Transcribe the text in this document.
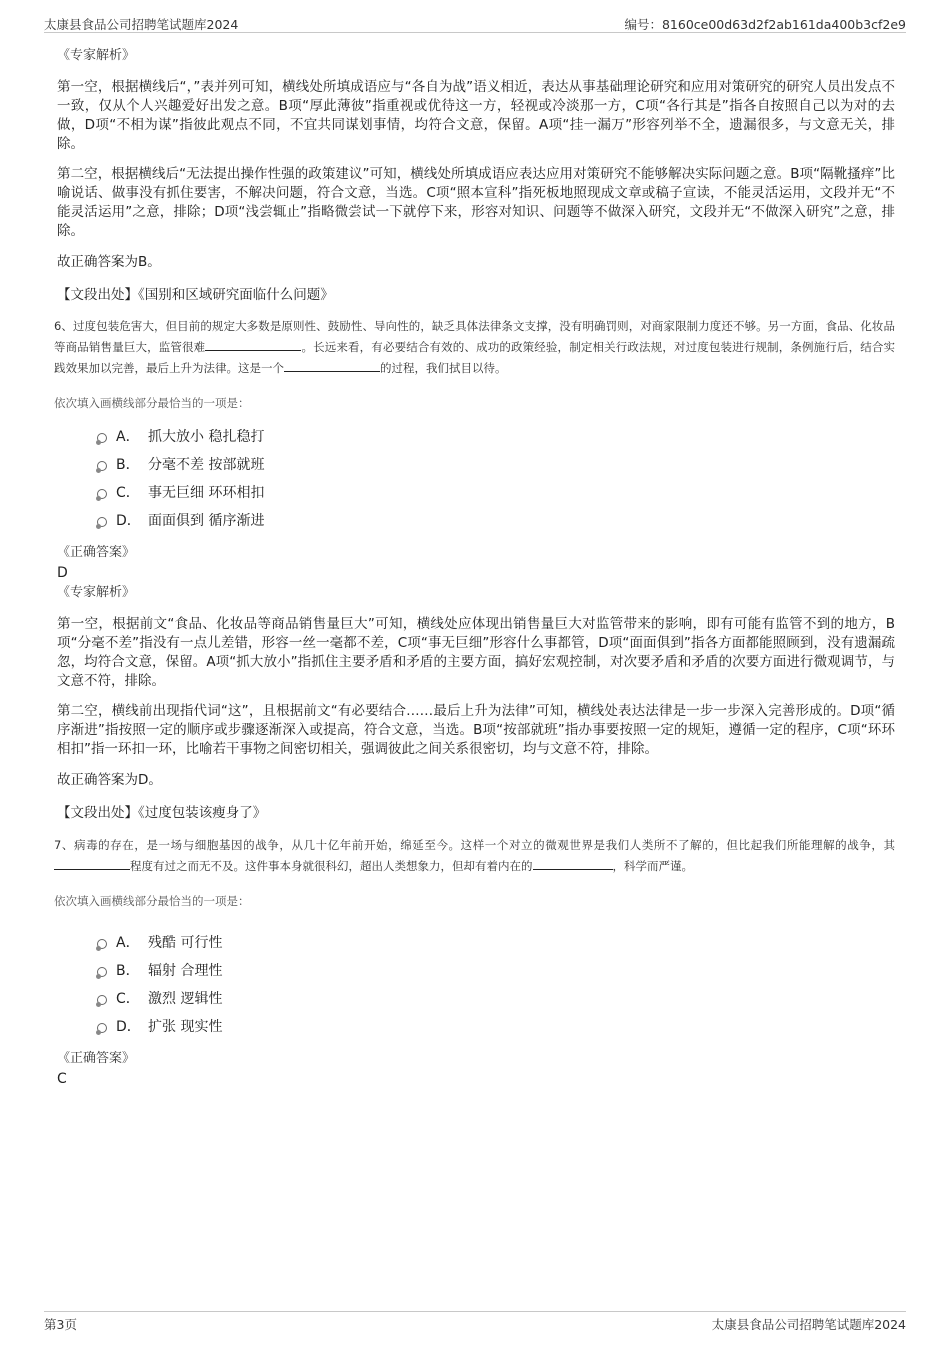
太康县食品公司招聘笔试题库2024	编号：8160ce00d63d2f2ab161da400b3cf2e9
《专家解析》

第一空，根据横线后“，”表并列可知，横线处所填成语应与“各自为战”语义相近，表达从事基础理论研究和应用对策研究的研究人员出发点不一致，仅从个人兴趣爱好出发之意。B项“厚此薄彼”指重视或优待这一方，轻视或冷淡那一方，C项“各行其是”指各自按照自己以为对的去做，D项“不相为谋”指彼此观点不同，不宜共同谋划事情，均符合文意，保留。A项“挂一漏万”形容列举不全，遗漏很多，与文意无关，排除。

第二空，根据横线后“无法提出操作性强的政策建议”可知，横线处所填成语应表达应用对策研究不能够解决实际问题之意。B项“隔靴搔痒”比喻说话、做事没有抓住要害，不解决问题，符合文意，当选。C项“照本宣科”指死板地照现成文章或稿子宣读，不能灵活运用，文段并无“不能灵活运用”之意，排除；D项“浅尝辄止”指略微尝试一下就停下来，形容对知识、问题等不做深入研究，文段并无“不做深入研究”之意，排除。

故正确答案为B。

【文段出处】《国别和区域研究面临什么问题》

6、过度包装危害大，但目前的规定大多数是原则性、鼓励性、导向性的，缺乏具体法律条文支撑，没有明确罚则，对商家限制力度还不够。另一方面，食品、化妆品等商品销售量巨大，监管很难	。长远来看，有必要结合有效的、成功的政策经验，制定相关行政法规，对过度包装进行规制，条例施行后，结合实践效果加以完善，最后上升为法律。这是一个	的过程，我们拭目以待。

依次填入画横线部分最恰当的一项是：

A． 抓大放小 稳扎稳打
B． 分毫不差 按部就班
C． 事无巨细 环环相扣
D． 面面俱到 循序渐进
《正确答案》

D

《专家解析》

第一空，根据前文“食品、化妆品等商品销售量巨大”可知，横线处应体现出销售量巨大对监管带来的影响，即有可能有监管不到的地方，B项“分毫不差”指没有一点儿差错，形容一丝一毫都不差，C项“事无巨细”形容什么事都管，D项“面面俱到”指各方面都能照顾到，没有遗漏疏忽，均符合文意，保留。A项“抓大放小”指抓住主要矛盾和矛盾的主要方面，搞好宏观控制，对次要矛盾和矛盾的次要方面进行微观调节，与文意不符，排除。

第二空，横线前出现指代词“这”，且根据前文“有必要结合……最后上升为法律”可知，横线处表达法律是一步一步深入完善形成的。D项“循序渐进”指按照一定的顺序或步骤逐渐深入或提高，符合文意，当选。B项“按部就班”指办事要按照一定的规矩，遵循一定的程序，C项“环环相扣”指一环扣一环，比喻若干事物之间密切相关，强调彼此之间关系很密切，均与文意不符，排除。

故正确答案为D。

【文段出处】《过度包装该瘦身了》

7、病毒的存在，是一场与细胞基因的战争，从几十亿年前开始，绵延至今。这样一个对立的微观世界是我们人类所不了解的，但比起我们所能理解的战争，其程度有过之而无不及。这件事本身就很科幻，超出人类想象力，但却有着内在的	，科学而严谨。

依次填入画横线部分最恰当的一项是：

A． 残酷 可行性
B． 辐射 合理性
C． 激烈 逻辑性
D． 扩张 现实性
《正确答案》

C

第3页	太康县食品公司招聘笔试题库2024
